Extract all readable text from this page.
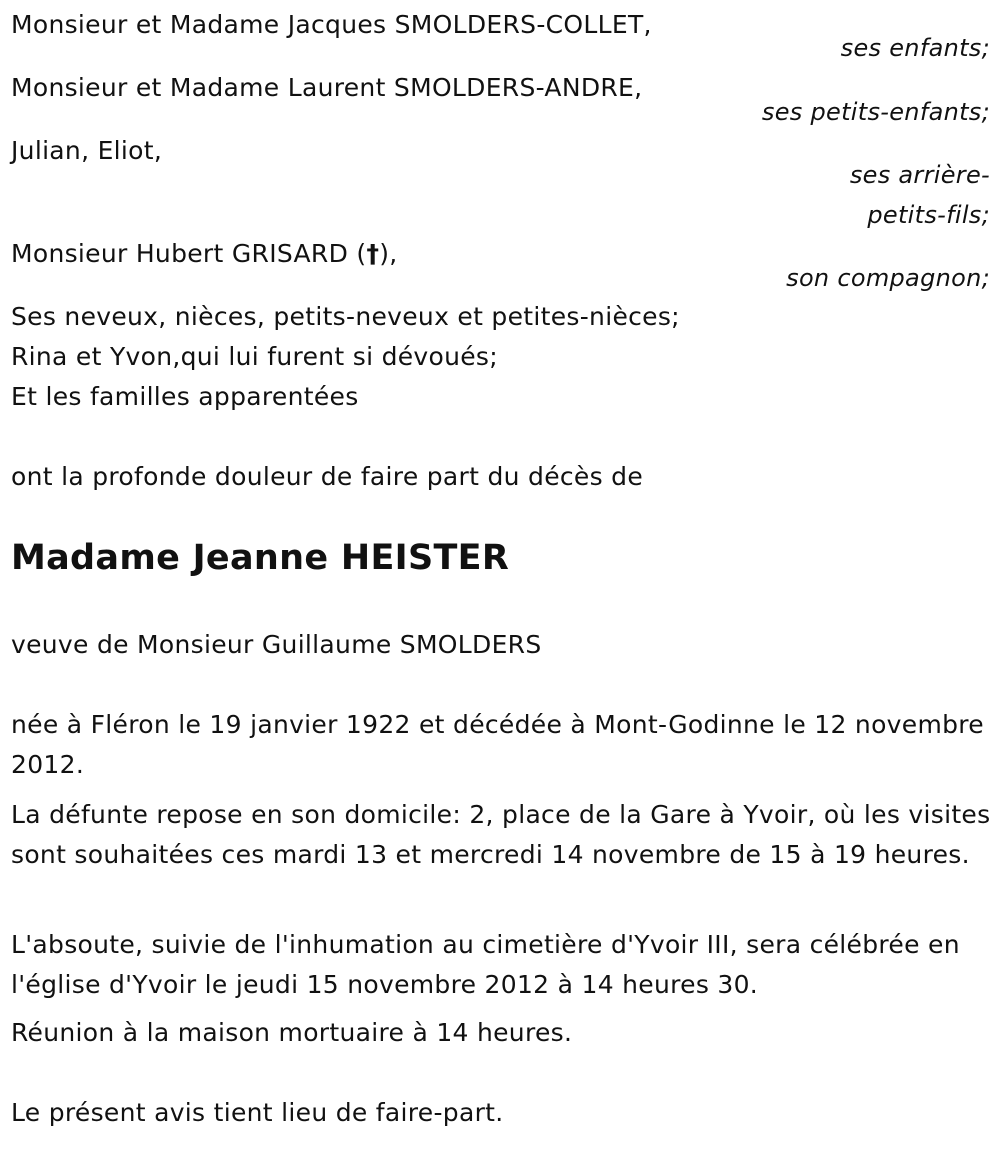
Monsieur et Madame Jacques SMOLDERS-COLLET,
ses enfants;
Monsieur et Madame Laurent SMOLDERS-ANDRE,
ses petits-enfants;
Julian, Eliot,
ses arrière-
petits-fils;
Monsieur Hubert GRISARD (†),
son compagnon;
Ses neveux, nièces, petits-neveux et petites-nièces;
Rina et Yvon,qui lui furent si dévoués;
Et les familles apparentées
ont la profonde douleur de faire part du décès de
Madame Jeanne HEISTER
veuve de Monsieur Guillaume SMOLDERS
née à Fléron le 19 janvier 1922 et décédée à Mont-Godinne le 12 novembre 2012.
La défunte repose en son domicile: 2, place de la Gare à Yvoir, où les visites sont souhaitées ces mardi 13 et mercredi 14 novembre de 15 à 19 heures.
L'absoute, suivie de l'inhumation au cimetière d'Yvoir III, sera célébrée en l'église d'Yvoir le jeudi 15 novembre 2012 à 14 heures 30.
Réunion à la maison mortuaire à 14 heures.
Le présent avis tient lieu de faire-part.
